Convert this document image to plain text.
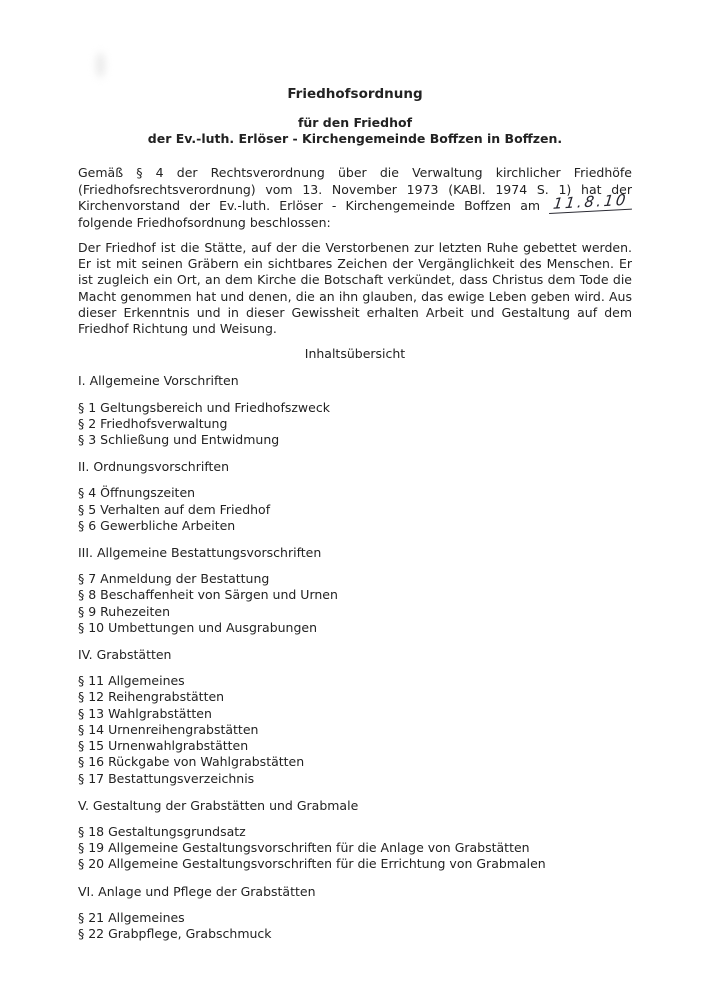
Friedhofsordnung
für den Friedhof
der Ev.-luth. Erlöser - Kirchengemeinde Boffzen in Boffzen.

Gemäß § 4 der Rechtsverordnung über die Verwaltung kirchlicher Friedhöfe (Friedhofsrechtsverordnung) vom 13. November 1973 (KABl. 1974 S. 1) hat der Kirchenvorstand der Ev.-luth. Erlöser - Kirchengemeinde Boffzen am 11.8.10 folgende Friedhofsordnung beschlossen:

Der Friedhof ist die Stätte, auf der die Verstorbenen zur letzten Ruhe gebettet werden. Er ist mit seinen Gräbern ein sichtbares Zeichen der Vergänglichkeit des Menschen. Er ist zugleich ein Ort, an dem Kirche die Botschaft verkündet, dass Christus dem Tode die Macht genommen hat und denen, die an ihn glauben, das ewige Leben geben wird. Aus dieser Erkenntnis und in dieser Gewissheit erhalten Arbeit und Gestaltung auf dem Friedhof Richtung und Weisung.

Inhaltsübersicht
I. Allgemeine Vorschriften
§ 1 Geltungsbereich und Friedhofszweck
§ 2 Friedhofsverwaltung
§ 3 Schließung und Entwidmung
II. Ordnungsvorschriften
§ 4 Öffnungszeiten
§ 5 Verhalten auf dem Friedhof
§ 6 Gewerbliche Arbeiten
III. Allgemeine Bestattungsvorschriften
§ 7 Anmeldung der Bestattung
§ 8 Beschaffenheit von Särgen und Urnen
§ 9 Ruhezeiten
§ 10 Umbettungen und Ausgrabungen
IV. Grabstätten
§ 11 Allgemeines
§ 12 Reihengrabstätten
§ 13 Wahlgrabstätten
§ 14 Urnenreihengrabstätten
§ 15 Urnenwahlgrabstätten
§ 16 Rückgabe von Wahlgrabstätten
§ 17 Bestattungsverzeichnis
V. Gestaltung der Grabstätten und Grabmale
§ 18 Gestaltungsgrundsatz
§ 19 Allgemeine Gestaltungsvorschriften für die Anlage von Grabstätten
§ 20 Allgemeine Gestaltungsvorschriften für die Errichtung von Grabmalen
VI. Anlage und Pflege der Grabstätten
§ 21 Allgemeines
§ 22 Grabpflege, Grabschmuck
